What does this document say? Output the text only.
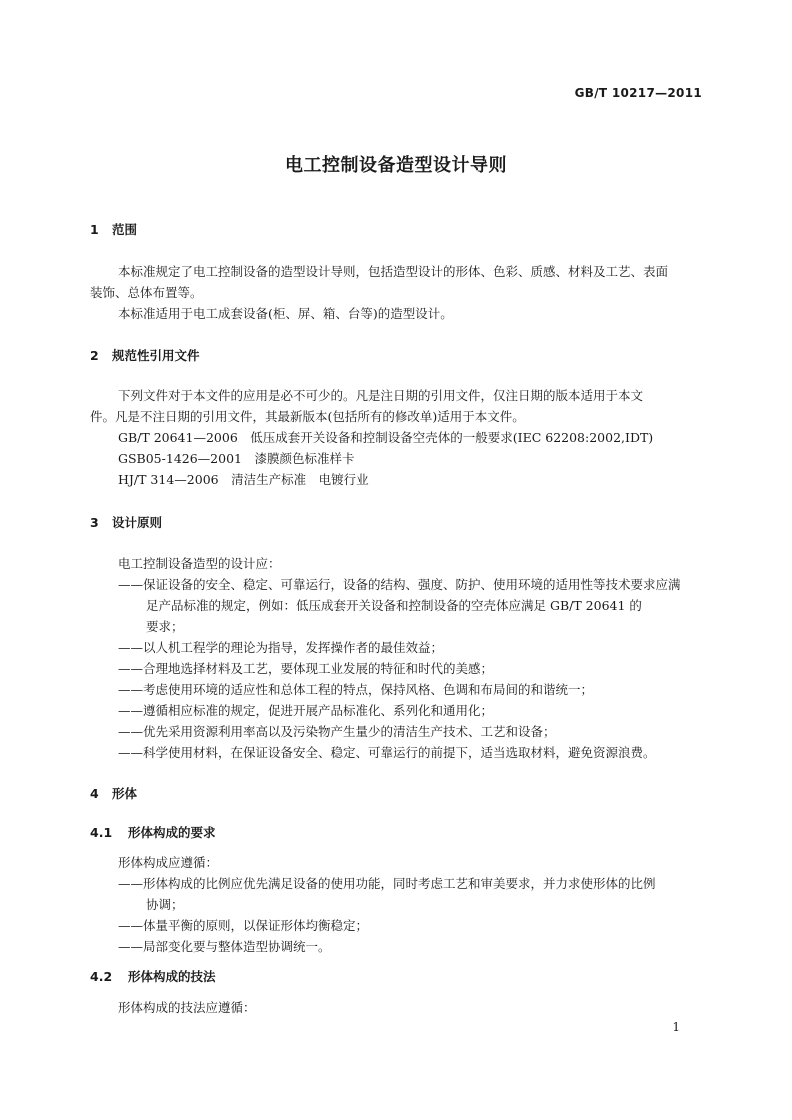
GB/T 10217—2011
电工控制设备造型设计导则
1 范围
本标准规定了电工控制设备的造型设计导则，包括造型设计的形体、色彩、质感、材料及工艺、表面
装饰、总体布置等。
本标准适用于电工成套设备(柜、屏、箱、台等)的造型设计。
2 规范性引用文件
下列文件对于本文件的应用是必不可少的。凡是注日期的引用文件，仅注日期的版本适用于本文
件。凡是不注日期的引用文件，其最新版本(包括所有的修改单)适用于本文件。
GB/T 20641—2006　低压成套开关设备和控制设备空壳体的一般要求(IEC 62208:2002,IDT)
GSB05-1426—2001　漆膜颜色标准样卡
HJ/T 314—2006　清洁生产标准　电镀行业
3 设计原则
电工控制设备造型的设计应：
——保证设备的安全、稳定、可靠运行，设备的结构、强度、防护、使用环境的适用性等技术要求应满
足产品标准的规定，例如：低压成套开关设备和控制设备的空壳体应满足 GB/T 20641 的
要求；
——以人机工程学的理论为指导，发挥操作者的最佳效益；
——合理地选择材料及工艺，要体现工业发展的特征和时代的美感；
——考虑使用环境的适应性和总体工程的特点，保持风格、色调和布局间的和谐统一；
——遵循相应标准的规定，促进开展产品标准化、系列化和通用化；
——优先采用资源利用率高以及污染物产生量少的清洁生产技术、工艺和设备；
——科学使用材料，在保证设备安全、稳定、可靠运行的前提下，适当选取材料，避免资源浪费。
4 形体
4.1 形体构成的要求
形体构成应遵循：
——形体构成的比例应优先满足设备的使用功能，同时考虑工艺和审美要求，并力求使形体的比例
协调；
——体量平衡的原则，以保证形体均衡稳定；
——局部变化要与整体造型协调统一。
4.2 形体构成的技法
形体构成的技法应遵循：
1
